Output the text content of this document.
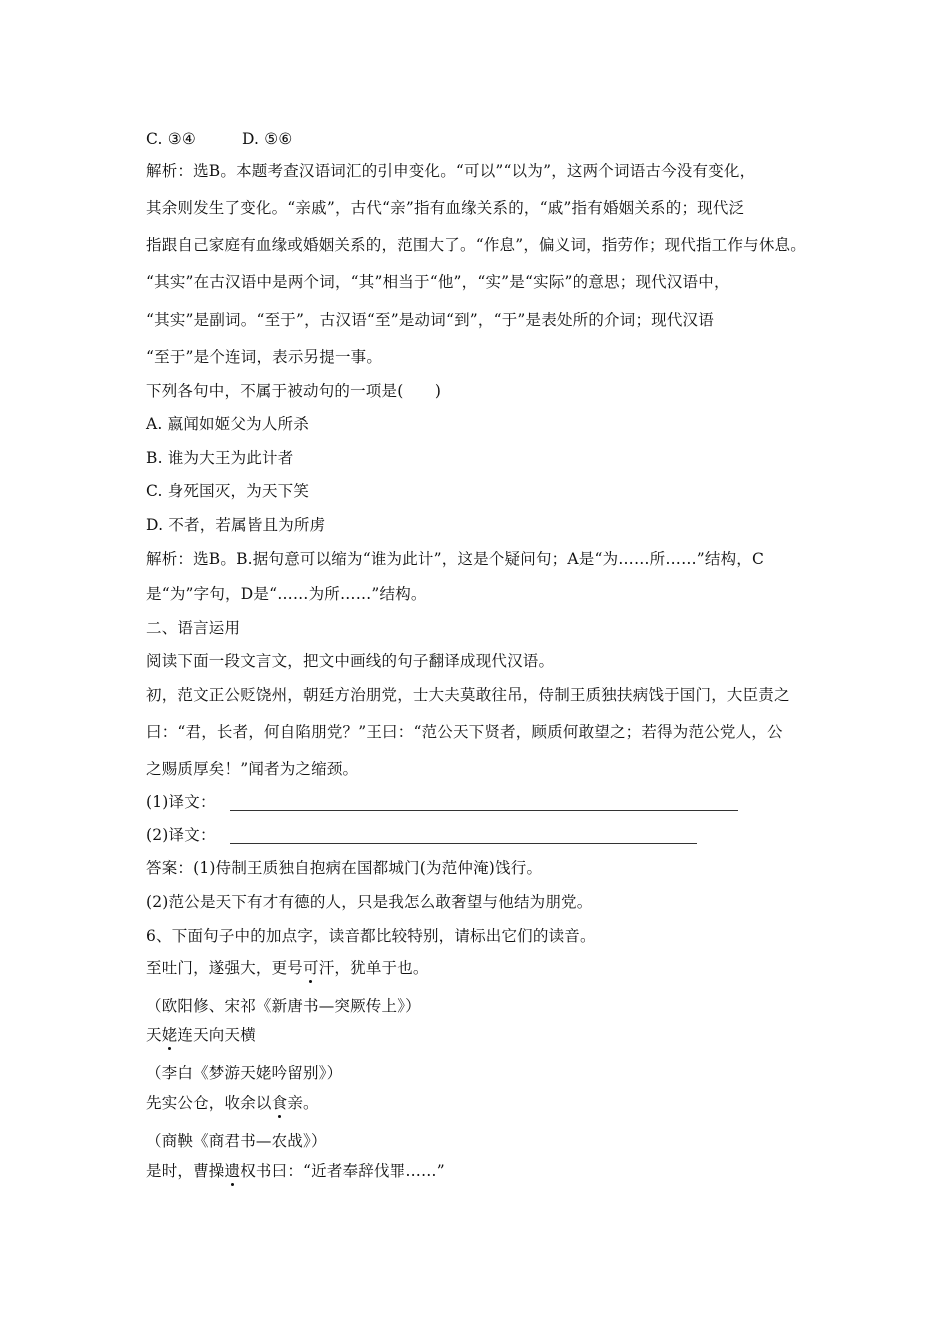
C. ③④	D. ⑤⑥
解析：选B。本题考查汉语词汇的引申变化。“可以”“以为”，这两个词语古今没有变化，
其余则发生了变化。“亲戚”，古代“亲”指有血缘关系的，“戚”指有婚姻关系的；现代泛
指跟自己家庭有血缘或婚姻关系的，范围大了。“作息”，偏义词，指劳作；现代指工作与休息。
“其实”在古汉语中是两个词，“其”相当于“他”，“实”是“实际”的意思；现代汉语中，
“其实”是副词。“至于”，古汉语“至”是动词“到”，“于”是表处所的介词；现代汉语
“至于”是个连词，表示另提一事。
下列各句中，不属于被动句的一项是(　　)
A. 嬴闻如姬父为人所杀
B. 谁为大王为此计者
C. 身死国灭，为天下笑
D. 不者，若属皆且为所虏
解析：选B。B.据句意可以缩为“谁为此计”，这是个疑问句；A是“为……所……”结构，C
是“为”字句，D是“……为所……”结构。
二、语言运用
阅读下面一段文言文，把文中画线的句子翻译成现代汉语。
初，范文正公贬饶州，朝廷方治朋党，士大夫莫敢往吊，侍制王质独扶病饯于国门，大臣责之
曰：“君，长者，何自陷朋党？”王曰：“范公天下贤者，顾质何敢望之；若得为范公党人，公
之赐质厚矣！”闻者为之缩颈。
(1)译文：
(2)译文：
答案：(1)侍制王质独自抱病在国都城门(为范仲淹)饯行。
(2)范公是天下有才有德的人，只是我怎么敢奢望与他结为朋党。
6、下面句子中的加点字，读音都比较特别，请标出它们的读音。
至吐门，遂强大，更号可汗，犹单于也。
（欧阳修、宋祁《新唐书—突厥传上》）
天姥连天向天横
（李白《梦游天姥吟留别》）
先实公仓，收余以食亲。
（商鞅《商君书—农战》）
是时，曹操遗权书曰：“近者奉辞伐罪……”
